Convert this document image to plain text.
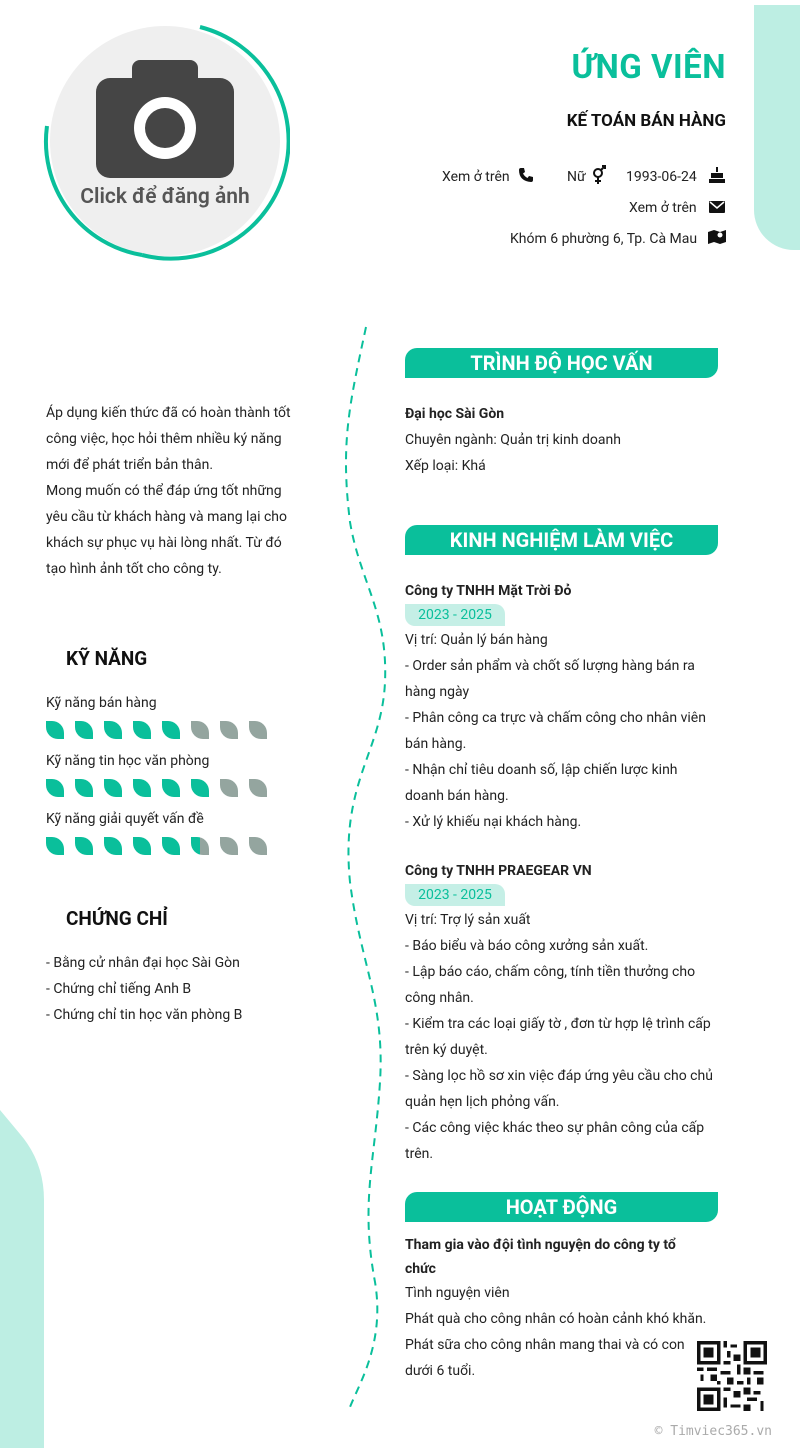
Click để đăng ảnh
ỨNG VIÊN
KẾ TOÁN BÁN HÀNG
Xem ở trên	Nữ	1993-06-24
Xem ở trên
Khóm 6 phường 6, Tp. Cà Mau
Áp dụng kiến thức đã có hoàn thành tốt
công việc, học hỏi thêm nhiều ký năng
mới để phát triển bản thân.
Mong muốn có thể đáp ứng tốt những
yêu cầu từ khách hàng và mang lại cho
khách sự phục vụ hài lòng nhất. Từ đó
tạo hình ảnh tốt cho công ty.
KỸ NĂNG
Kỹ năng bán hàng
Kỹ năng tin học văn phòng
Kỹ năng giải quyết vấn đề
CHỨNG CHỈ
- Bằng cử nhân đại học Sài Gòn
- Chứng chỉ tiếng Anh B
- Chứng chỉ tin học văn phòng B
TRÌNH ĐỘ HỌC VẤN
Đại học Sài Gòn
Chuyên ngành: Quản trị kinh doanh
Xếp loại: Khá
KINH NGHIỆM LÀM VIỆC
Công ty TNHH Mặt Trời Đỏ
2023 - 2025
Vị trí: Quản lý bán hàng
- Order sản phẩm và chốt số lượng hàng bán ra
hàng ngày
- Phân công ca trực và chấm công cho nhân viên
bán hàng.
- Nhận chỉ tiêu doanh số, lập chiến lược kinh
doanh bán hàng.
- Xử lý khiếu nại khách hàng.
Công ty TNHH PRAEGEAR VN
2023 - 2025
Vị trí: Trợ lý sản xuất
- Báo biểu và báo công xưởng sản xuất.
- Lập báo cáo, chấm công, tính tiền thưởng cho
công nhân.
- Kiểm tra các loại giấy tờ , đơn từ hợp lệ trình cấp
trên ký duyệt.
- Sàng lọc hồ sơ xin việc đáp ứng yêu cầu cho chủ
quản hẹn lịch phỏng vấn.
- Các công việc khác theo sự phân công của cấp
trên.
HOẠT ĐỘNG
Tham gia vào đội tình nguyện do công ty tổ
chức
Tình nguyện viên
Phát quà cho công nhân có hoàn cảnh khó khăn.
Phát sữa cho công nhân mang thai và có con
dưới 6 tuổi.
© Timviec365.vn
